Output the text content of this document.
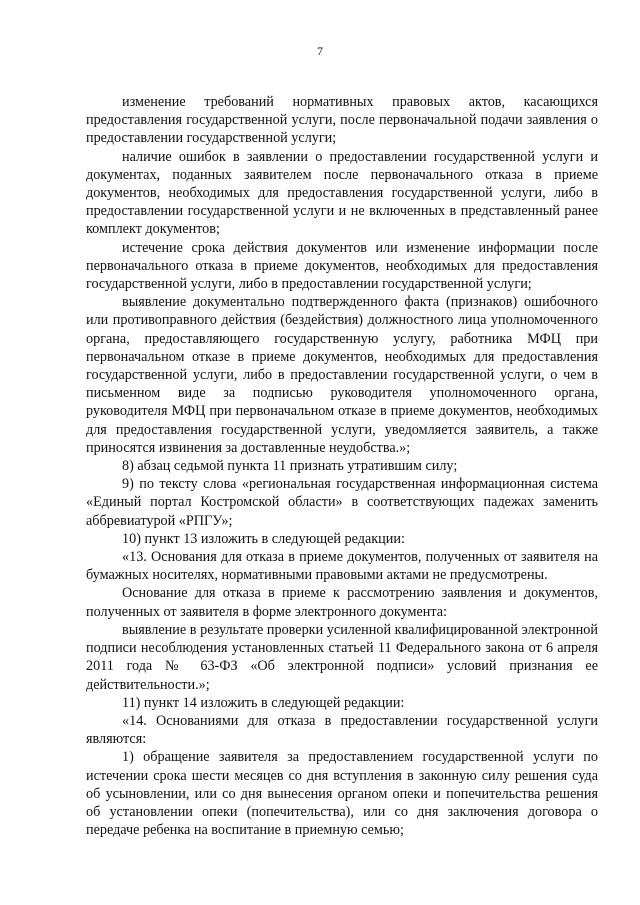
7

изменение требований нормативных правовых актов, касающихся предоставления государственной услуги, после первоначальной подачи заявления о предоставлении государственной услуги;

наличие ошибок в заявлении о предоставлении государственной услуги и документах, поданных заявителем после первоначального отказа в приеме документов, необходимых для предоставления государственной услуги, либо в предоставлении государственной услуги и не включенных в представленный ранее комплект документов;

истечение срока действия документов или изменение информации после первоначального отказа в приеме документов, необходимых для предоставления государственной услуги, либо в предоставлении государственной услуги;

выявление документально подтвержденного факта (признаков) ошибочного или противоправного действия (бездействия) должностного лица уполномоченного органа, предоставляющего государственную услугу, работника МФЦ при первоначальном отказе в приеме документов, необходимых для предоставления государственной услуги, либо в предоставлении государственной услуги, о чем в письменном виде за подписью руководителя уполномоченного органа, руководителя МФЦ при первоначальном отказе в приеме документов, необходимых для предоставления государственной услуги, уведомляется заявитель, а также приносятся извинения за доставленные неудобства.»;

8) абзац седьмой пункта 11 признать утратившим силу;

9) по тексту слова «региональная государственная информационная система «Единый портал Костромской области» в соответствующих падежах заменить аббревиатурой «РПГУ»;

10) пункт 13 изложить в следующей редакции:

«13. Основания для отказа в приеме документов, полученных от заявителя на бумажных носителях, нормативными правовыми актами не предусмотрены.

Основание для отказа в приеме к рассмотрению заявления и документов, полученных от заявителя в форме электронного документа:

выявление в результате проверки усиленной квалифицированной электронной подписи несоблюдения установленных статьей 11 Федерального закона от 6 апреля 2011 года № 63-ФЗ «Об электронной подписи» условий признания ее действительности.»;

11) пункт 14 изложить в следующей редакции:

«14. Основаниями для отказа в предоставлении государственной услуги являются:

1) обращение заявителя за предоставлением государственной услуги по истечении срока шести месяцев со дня вступления в законную силу решения суда об усыновлении, или со дня вынесения органом опеки и попечительства решения об установлении опеки (попечительства), или со дня заключения договора о передаче ребенка на воспитание в приемную семью;
